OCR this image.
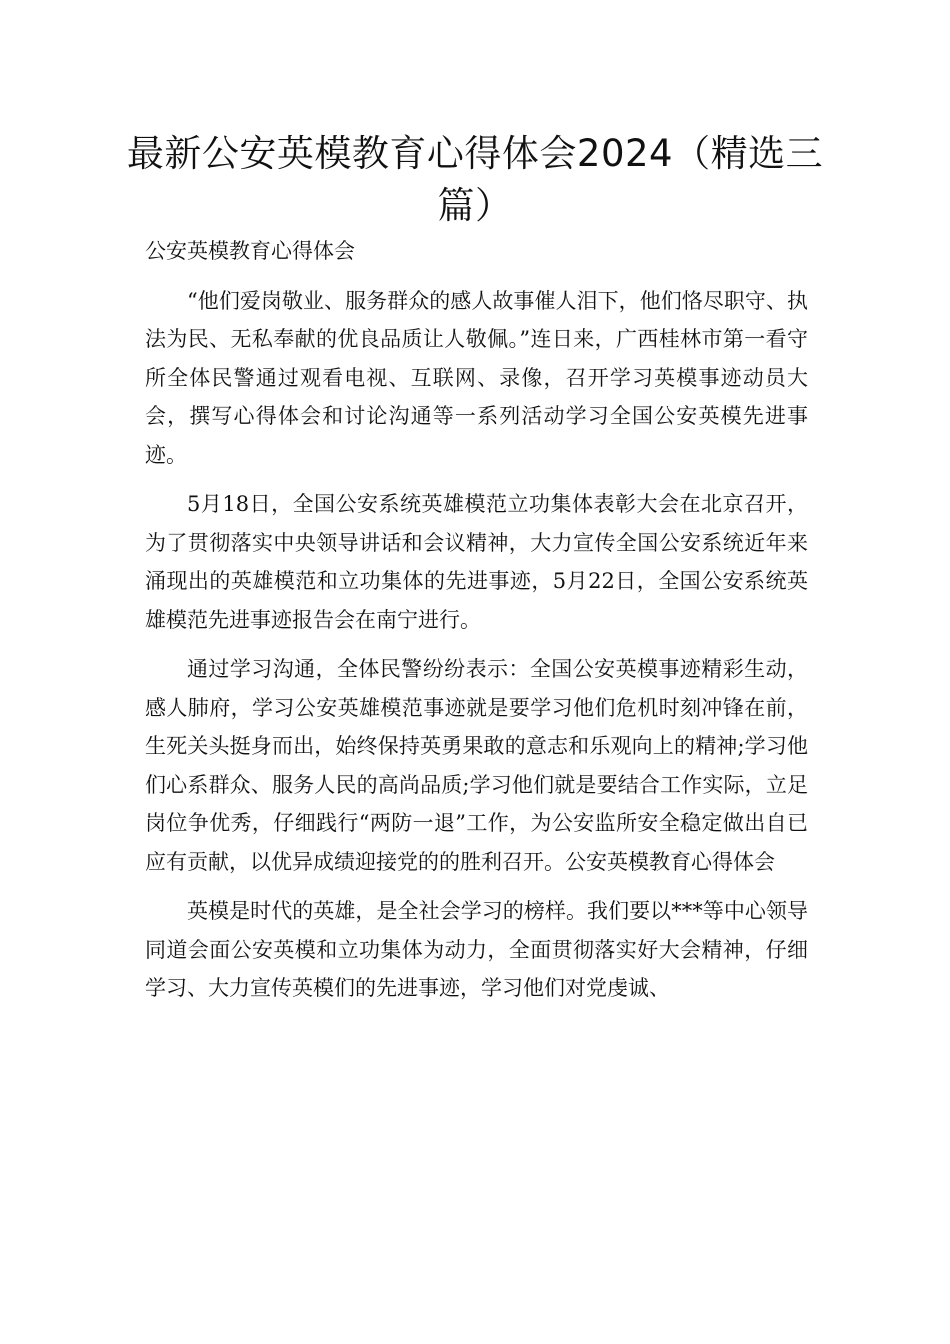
最新公安英模教育心得体会2024（精选三篇）

公安英模教育心得体会

“他们爱岗敬业、服务群众的感人故事催人泪下，他们恪尽职守、执法为民、无私奉献的优良品质让人敬佩。”连日来，广西桂林市第一看守所全体民警通过观看电视、互联网、录像，召开学习英模事迹动员大会，撰写心得体会和讨论沟通等一系列活动学习全国公安英模先进事迹。

5月18日，全国公安系统英雄模范立功集体表彰大会在北京召开，为了贯彻落实中央领导讲话和会议精神，大力宣传全国公安系统近年来涌现出的英雄模范和立功集体的先进事迹，5月22日，全国公安系统英雄模范先进事迹报告会在南宁进行。

通过学习沟通，全体民警纷纷表示：全国公安英模事迹精彩生动，感人肺府，学习公安英雄模范事迹就是要学习他们危机时刻冲锋在前，生死关头挺身而出，始终保持英勇果敢的意志和乐观向上的精神;学习他们心系群众、服务人民的高尚品质;学习他们就是要结合工作实际，立足岗位争优秀，仔细践行“两防一退”工作，为公安监所安全稳定做出自已应有贡献，以优异成绩迎接党的的胜利召开。公安英模教育心得体会

英模是时代的英雄，是全社会学习的榜样。我们要以***等中心领导同道会面公安英模和立功集体为动力，全面贯彻落实好大会精神，仔细学习、大力宣传英模们的先进事迹，学习他们对党虔诚、
